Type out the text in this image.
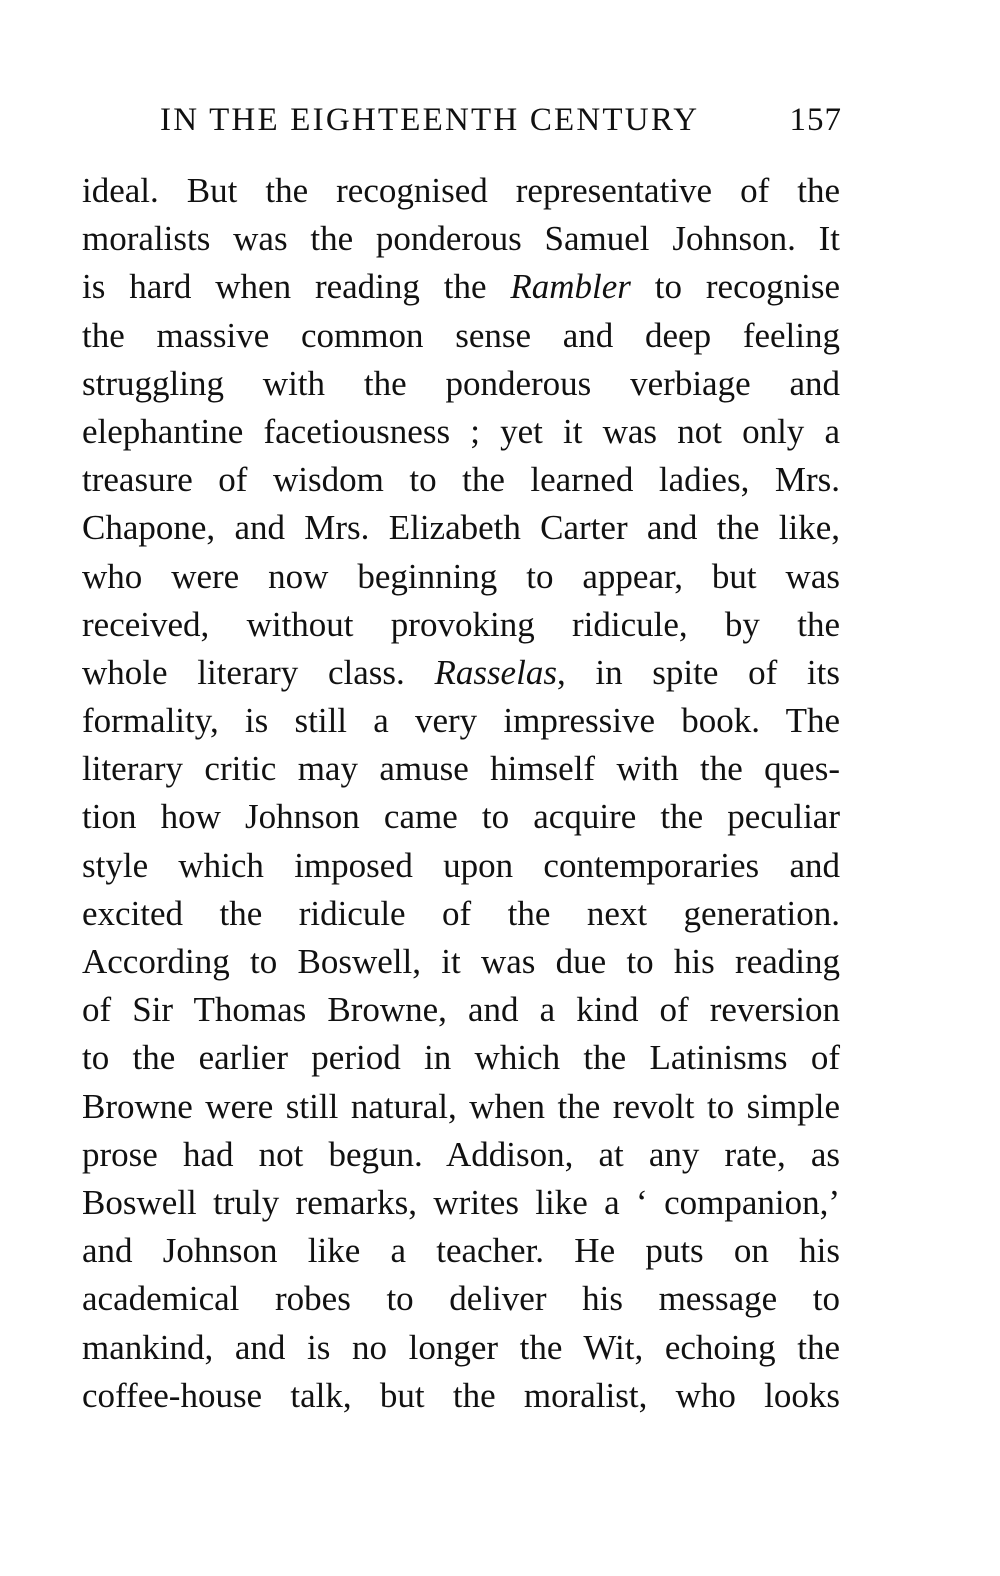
IN THE EIGHTEENTH CENTURY	157
ideal. But the recognised representative of the
moralists was the ponderous Samuel Johnson. It
is hard when reading the Rambler to recognise
the massive common sense and deep feeling
struggling with the ponderous verbiage and
elephantine facetiousness ; yet it was not only a
treasure of wisdom to the learned ladies, Mrs.
Chapone, and Mrs. Elizabeth Carter and the like,
who were now beginning to appear, but was
received, without provoking ridicule, by the
whole literary class. Rasselas, in spite of its
formality, is still a very impressive book. The
literary critic may amuse himself with the ques-
tion how Johnson came to acquire the peculiar
style which imposed upon contemporaries and
excited the ridicule of the next generation.
According to Boswell, it was due to his reading
of Sir Thomas Browne, and a kind of reversion
to the earlier period in which the Latinisms of
Browne were still natural, when the revolt to simple
prose had not begun. Addison, at any rate, as
Boswell truly remarks, writes like a ‘ companion,’
and Johnson like a teacher. He puts on his
academical robes to deliver his message to
mankind, and is no longer the Wit, echoing the
coffee-house talk, but the moralist, who looks
